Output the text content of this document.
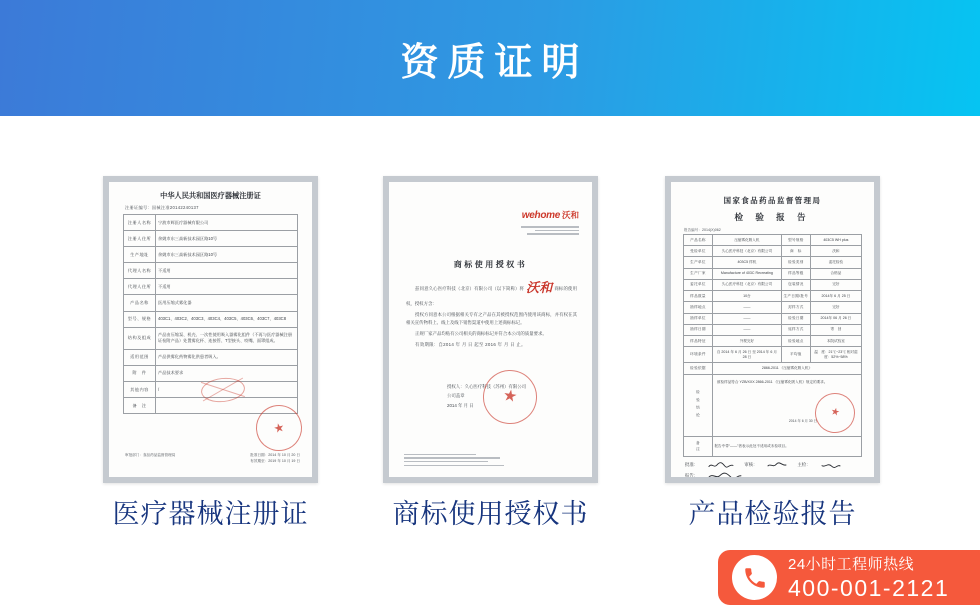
资质证明
中华人民共和国医疗器械注册证
注册证编号：国械注准20142240137
注册人名称	宁波市辉医疗器械有限公司
注册人住所	余姚市东三高新技术园区路10号
生产地址	余姚市东三高新技术园区路10号
代理人名称	不适用
代理人住所	不适用
产品名称	医用压缩式雾化器
型号、规格	403C1、403C2、403C3、403C4、403C5、403C6、403C7、403C8
结构及组成	产品由压缩泵、机壳、一次性使用吸入器雾化组件（不再与医疗器械注册证检附产品）处置雾化杯、连接管、T型接头、咬嘴、面罩组成。
适用范围	产品供雾化药物雾化供患者吸入。
附　件	产品技术要求
其他内容	/
备　注	
审批部门：食品药品监督管理局	批准日期：2014 年 10 月 20 日
有效期至：2019 年 10 月 19 日
★
wehome 沃和
商标使用授权书
兹同意久心医疗科技（北京）有限公司（以下简称）将 沃和 商标的使用权，授权方含：
授权方同意本公司根据相关专有之产品在其被授权范围内使用该商标，并有权在其相关宣传物料上、线上及线下销售渠道中使用上述商标标记。
正规厂家产品均贴有公司相关的商标标记并符合本公司的质量要求。
有效期限：自2014 年 月 日 起至 2016 年 月 日 止。
授权人：久心医疗科技（苏州）有限公司
公司盖章
2014 年 月 日	★
国家食品药品监督管理局
检 验 报 告
报告编号：2014(X)062
产品名称	压缩雾化吸入机	型号规格	403C5 WH plus
受检单位	久心医疗科技（北京）有限公司	商　标	沃和
生产单位	403C5 样机	检验类别	委托检验
生产厂家	Manufacture of 403C Recreating	样品等级	合格品
委托单位	久心医疗科技（北京）有限公司	包装情况	完好
样品数量	10台	生产日期/批号	2014年 6 月 25 日
抽样地点	——	封样方式	完好
抽样单位	——	检验日期	2014年 06 月 26 日
抽样日期	——	返样方式	寄　回
样品特征	外观完好	检验地点	本院试验室
环境条件	自 2014 年 6 月 26 日 至 2014 年 6 月 28 日	平均值	温　度：21℃~23℃ 相对湿度：52%~58%
检验依据	2866-2011 《压缩雾化吸入机》		
检验结论	被检样品符合 YZB/XXX 2866-2011 《压缩雾化吸入机》规定的要求。
2014 年 6 月 30 日
★		

备注	报告中带“——”者表示此处不适用或未检项目。		
批准：	审核：	主检：
报告：
医疗器械注册证	商标使用授权书	产品检验报告
24小时工程师热线
400-001-2121
